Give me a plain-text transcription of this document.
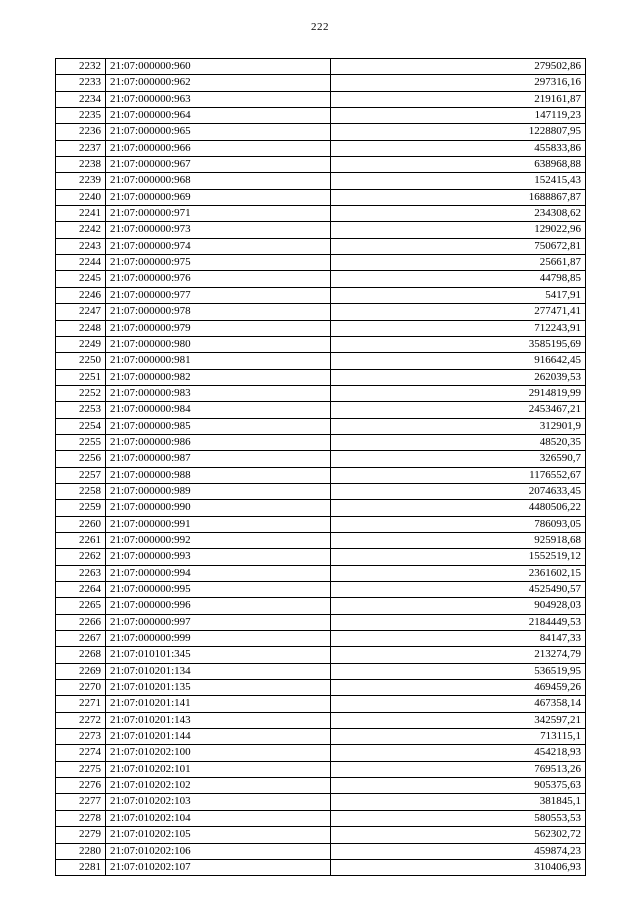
222
2232	21:07:000000:960	279502,86
2233	21:07:000000:962	297316,16
2234	21:07:000000:963	219161,87
2235	21:07:000000:964	147119,23
2236	21:07:000000:965	1228807,95
2237	21:07:000000:966	455833,86
2238	21:07:000000:967	638968,88
2239	21:07:000000:968	152415,43
2240	21:07:000000:969	1688867,87
2241	21:07:000000:971	234308,62
2242	21:07:000000:973	129022,96
2243	21:07:000000:974	750672,81
2244	21:07:000000:975	25661,87
2245	21:07:000000:976	44798,85
2246	21:07:000000:977	5417,91
2247	21:07:000000:978	277471,41
2248	21:07:000000:979	712243,91
2249	21:07:000000:980	3585195,69
2250	21:07:000000:981	916642,45
2251	21:07:000000:982	262039,53
2252	21:07:000000:983	2914819,99
2253	21:07:000000:984	2453467,21
2254	21:07:000000:985	312901,9
2255	21:07:000000:986	48520,35
2256	21:07:000000:987	326590,7
2257	21:07:000000:988	1176552,67
2258	21:07:000000:989	2074633,45
2259	21:07:000000:990	4480506,22
2260	21:07:000000:991	786093,05
2261	21:07:000000:992	925918,68
2262	21:07:000000:993	1552519,12
2263	21:07:000000:994	2361602,15
2264	21:07:000000:995	4525490,57
2265	21:07:000000:996	904928,03
2266	21:07:000000:997	2184449,53
2267	21:07:000000:999	84147,33
2268	21:07:010101:345	213274,79
2269	21:07:010201:134	536519,95
2270	21:07:010201:135	469459,26
2271	21:07:010201:141	467358,14
2272	21:07:010201:143	342597,21
2273	21:07:010201:144	713115,1
2274	21:07:010202:100	454218,93
2275	21:07:010202:101	769513,26
2276	21:07:010202:102	905375,63
2277	21:07:010202:103	381845,1
2278	21:07:010202:104	580553,53
2279	21:07:010202:105	562302,72
2280	21:07:010202:106	459874,23
2281	21:07:010202:107	310406,93
